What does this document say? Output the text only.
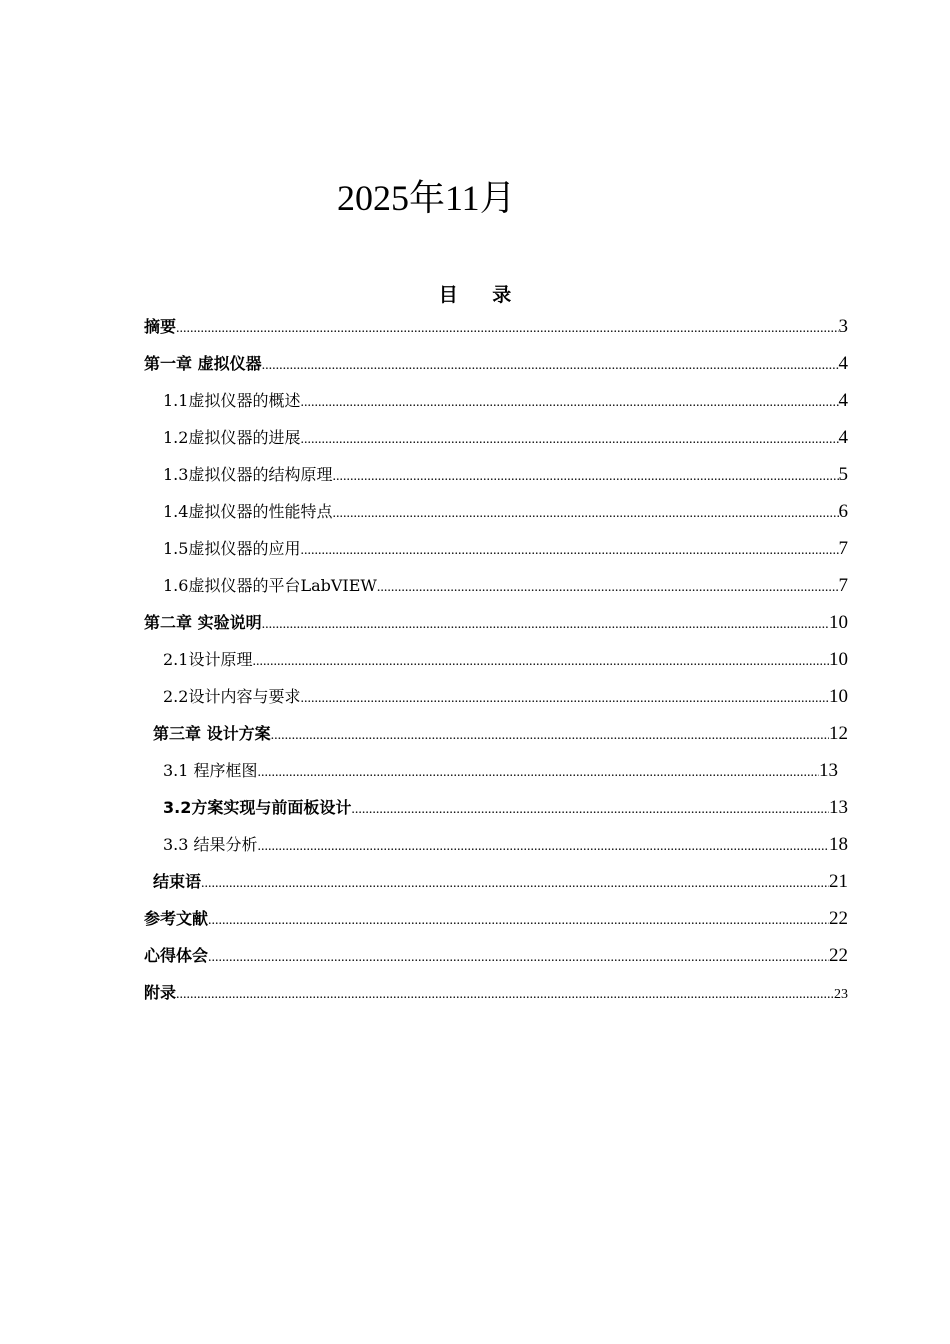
2025年11月
目 录
摘要 .....	3
第一章 虚拟仪器 .....	4
1.1虚拟仪器的概述 .....	4
1.2虚拟仪器的进展 .....	4
1.3虚拟仪器的结构原理 .....	5
1.4虚拟仪器的性能特点 .....	6
1.5虚拟仪器的应用 .....	7
1.6虚拟仪器的平台LabVIEW .....	7
第二章 实验说明 .....	10
2.1设计原理 .....	10
2.2设计内容与要求 .....	10
第三章 设计方案 .....	12
3.1 程序框图 .....	13
3.2方案实现与前面板设计 .....	13
3.3 结果分析 .....	18
结束语 .....	21
参考文献 .....	22
心得体会 .....	22
附录 .....	23
